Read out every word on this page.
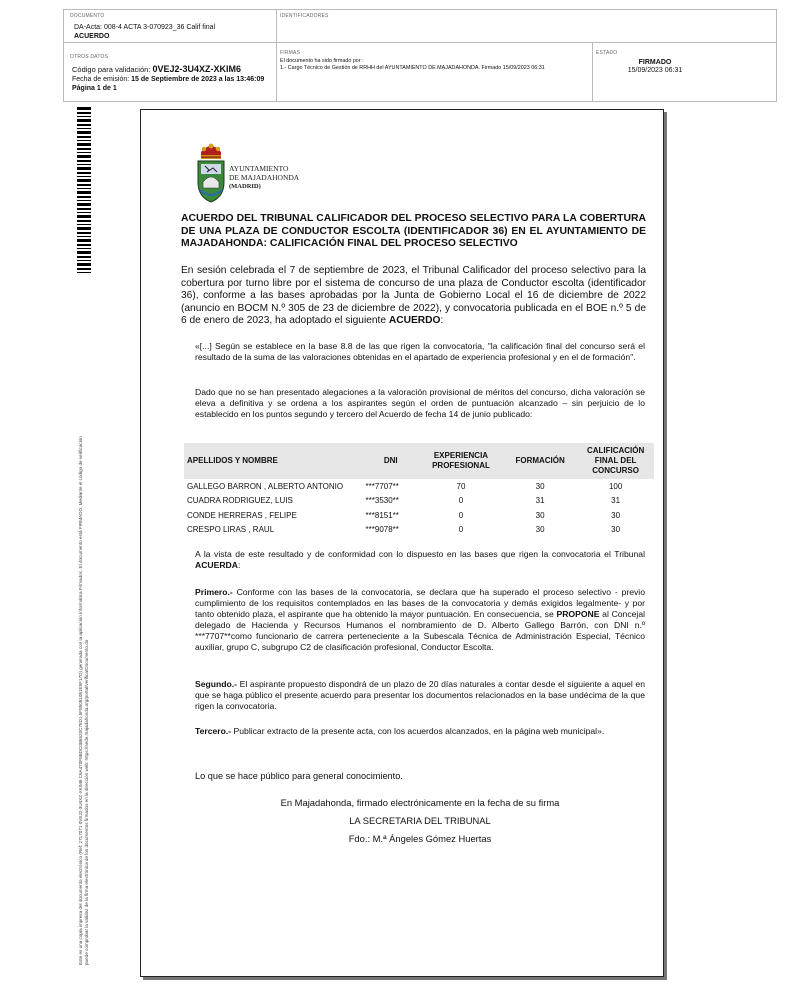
DOCUMENTO
DA-Acta: 008-4 ACTA 3-070923_36 Calif final
ACUERDO
IDENTIFICADORES
OTROS DATOS
Código para validación: 0VEJ2-3U4XZ-XKIM6
Fecha de emisión: 15 de Septiembre de 2023 a las 13:46:09
Página 1 de 1
FIRMAS
El documento ha sido firmado por :
1.- Cargo Técnico de Gestión de RRHH del AYUNTAMIENTO DE MAJADAHONDA. Firmado 15/09/2023 06:31
ESTADO
FIRMADO
15/09/2023 06:31
Este es una copia impresa del documento electrónico (Ref: 2717071 0VEJ2-3U4XZ-XKIM6 C6A470F8BDC0B6520C78D1 5F85081081E5F17D) generada con la aplicación informática Firmadoc. El documento está FIRMADO. Mediante el código de verificación puede comprobar la validez de la firma electrónica de los documentos firmados en la dirección web: https://sede.majadahonda.org/portal/verificarDocumento.do
AYUNTAMIENTO
DE MAJADAHONDA
(MADRID)
ACUERDO DEL TRIBUNAL CALIFICADOR DEL PROCESO SELECTIVO PARA LA COBERTURA DE UNA PLAZA DE CONDUCTOR ESCOLTA (IDENTIFICADOR 36) EN EL AYUNTAMIENTO DE MAJADAHONDA: CALIFICACIÓN FINAL DEL PROCESO SELECTIVO
En sesión celebrada el 7 de septiembre de 2023, el Tribunal Calificador del proceso selectivo para la cobertura por turno libre por el sistema de concurso de una plaza de Conductor escolta (identificador 36), conforme a las bases aprobadas por la Junta de Gobierno Local el 16 de diciembre de 2022 (anuncio en BOCM N.º 305 de 23 de diciembre de 2022), y convocatoria publicada en el BOE n.º 5 de 6 de enero de 2023, ha adoptado el siguiente ACUERDO:
«[...] Según se establece en la base 8.8 de las que rigen la convocatoria, "la calificación final del concurso será el resultado de la suma de las valoraciones obtenidas en el apartado de experiencia profesional y en el de formación".
Dado que no se han presentado alegaciones a la valoración provisional de méritos del concurso, dicha valoración se eleva a definitiva y se ordena a los aspirantes según el orden de puntuación alcanzado – sin perjuicio de lo establecido en los puntos segundo y tercero del Acuerdo de fecha 14 de junio publicado:
APELLIDOS Y NOMBRE	DNI	EXPERIENCIA PROFESIONAL	FORMACIÓN	CALIFICACIÓN FINAL DEL CONCURSO
GALLEGO BARRON , ALBERTO ANTONIO	***7707**	70	30	100
CUADRA RODRIGUEZ, LUIS	***3530**	0	31	31
CONDE HERRERAS , FELIPE	***8151**	0	30	30
CRESPO LIRAS , RAUL	***9078**	0	30	30
A la vista de este resultado y de conformidad con lo dispuesto en las bases que rigen la convocatoria el Tribunal ACUERDA:
Primero.- Conforme con las bases de la convocatoria, se declara que ha superado el proceso selectivo - previo cumplimiento de los requisitos contemplados en las bases de la convocatoria y demás exigidos legalmente- y por tanto obtenido plaza, el aspirante que ha obtenido la mayor puntuación. En consecuencia, se PROPONE al Concejal delegado de Hacienda y Recursos Humanos el nombramiento de D. Alberto Gallego Barrón, con DNI n.º ***7707**como funcionario de carrera perteneciente a la Subescala Técnica de Administración Especial, Técnico auxiliar, grupo C, subgrupo C2 de clasificación profesional, Conductor Escolta.
Segundo.- El aspirante propuesto dispondrá de un plazo de 20 días naturales a contar desde el siguiente a aquel en que se haga público el presente acuerdo para presentar los documentos relacionados en la base undécima de la que rigen la convocatoria.
Tercero.- Publicar extracto de la presente acta, con los acuerdos alcanzados, en la página web municipal».
Lo que se hace público para general conocimiento.
En Majadahonda, firmado electrónicamente en la fecha de su firma
LA SECRETARIA DEL TRIBUNAL
Fdo.: M.ª Ángeles Gómez Huertas
